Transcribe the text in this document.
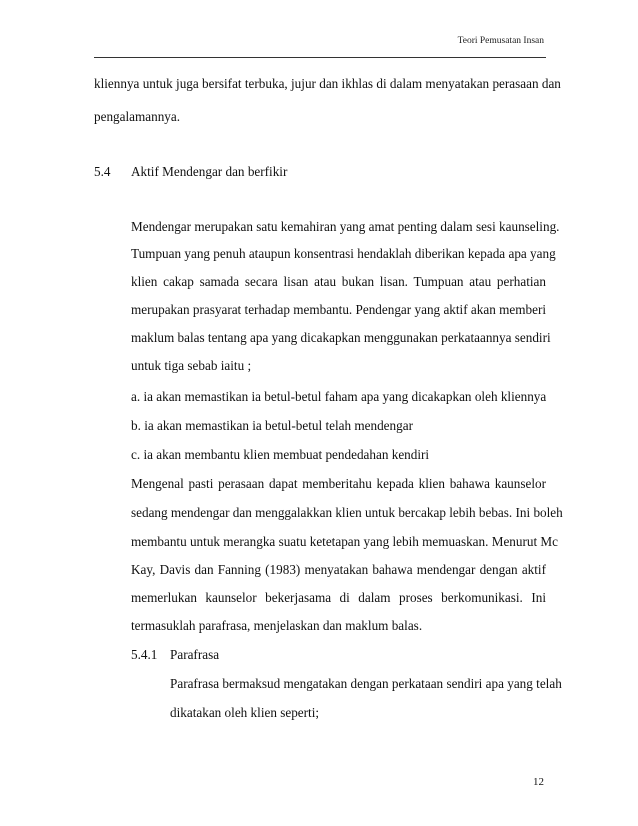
Teori Pemusatan Insan
kliennya untuk juga bersifat terbuka, jujur dan ikhlas di dalam menyatakan perasaan dan
pengalamannya.
5.4 Aktif Mendengar dan berfikir
Mendengar merupakan satu kemahiran yang amat penting dalam sesi kaunseling.
Tumpuan yang penuh ataupun konsentrasi hendaklah diberikan kepada apa yang
klien cakap samada secara lisan atau bukan lisan. Tumpuan atau perhatian
merupakan prasyarat terhadap membantu. Pendengar yang aktif akan memberi
maklum balas tentang apa yang dicakapkan menggunakan perkataannya sendiri
untuk tiga sebab iaitu ;
a. ia akan memastikan ia betul-betul faham apa yang dicakapkan oleh kliennya
b. ia akan memastikan ia betul-betul telah mendengar
c. ia akan membantu klien membuat pendedahan kendiri
Mengenal pasti perasaan dapat memberitahu kepada klien bahawa kaunselor
sedang mendengar dan menggalakkan klien untuk bercakap lebih bebas. Ini boleh
membantu untuk merangka suatu ketetapan yang lebih memuaskan. Menurut Mc
Kay, Davis dan Fanning (1983) menyatakan bahawa mendengar dengan aktif
memerlukan kaunselor bekerjasama di dalam proses berkomunikasi. Ini
termasuklah parafrasa, menjelaskan dan maklum balas.
5.4.1 Parafrasa
Parafrasa bermaksud mengatakan dengan perkataan sendiri apa yang telah
dikatakan oleh klien seperti;
12
